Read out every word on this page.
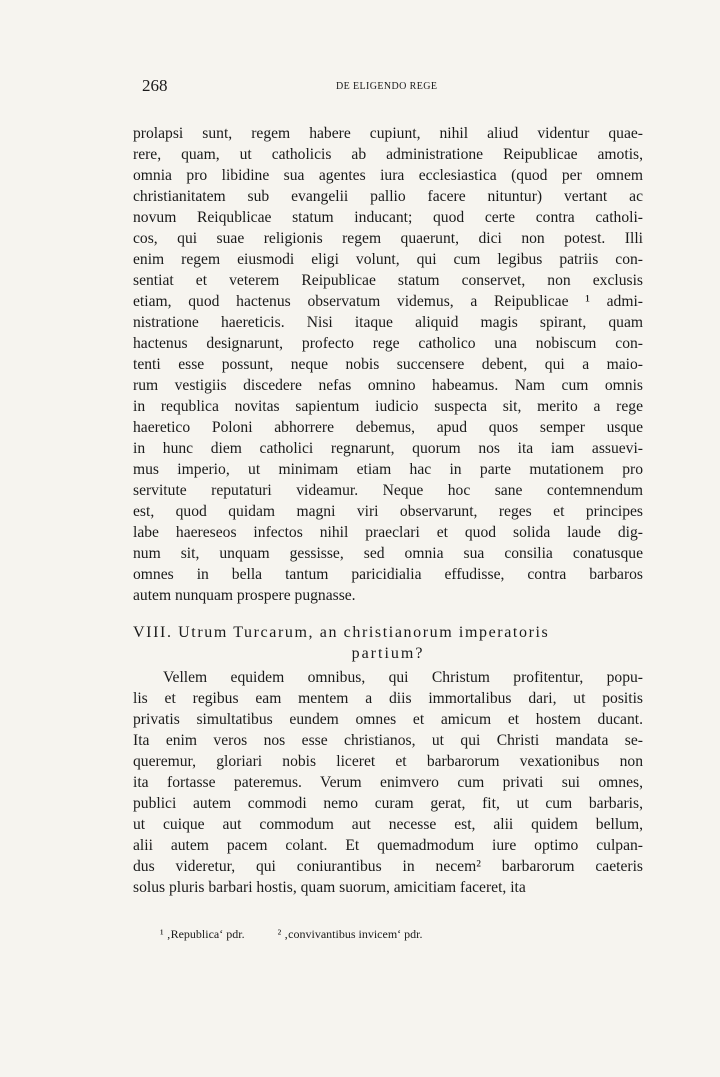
268	DE ELIGENDO REGE
prolapsi sunt, regem habere cupiunt, nihil aliud videntur quae-
rere, quam, ut catholicis ab administratione Reipublicae amotis,
omnia pro libidine sua agentes iura ecclesiastica (quod per omnem
christianitatem sub evangelii pallio facere nituntur) vertant ac
novum Reiqublicae statum inducant; quod certe contra catholi-
cos, qui suae religionis regem quaerunt, dici non potest. Illi
enim regem eiusmodi eligi volunt, qui cum legibus patriis con-
sentiat et veterem Reipublicae statum conservet, non exclusis
etiam, quod hactenus observatum videmus, a Reipublicae ¹ admi-
nistratione haereticis. Nisi itaque aliquid magis spirant, quam
hactenus designarunt, profecto rege catholico una nobiscum con-
tenti esse possunt, neque nobis succensere debent, qui a maio-
rum vestigiis discedere nefas omnino habeamus. Nam cum omnis
in requblica novitas sapientum iudicio suspecta sit, merito a rege
haeretico Poloni abhorrere debemus, apud quos semper usque
in hunc diem catholici regnarunt, quorum nos ita iam assuevi-
mus imperio, ut minimam etiam hac in parte mutationem pro
servitute reputaturi videamur. Neque hoc sane contemnendum
est, quod quidam magni viri observarunt, reges et principes
labe haereseos infectos nihil praeclari et quod solida laude dig-
num sit, unquam gessisse, sed omnia sua consilia conatusque
omnes in bella tantum paricidialia effudisse, contra barbaros
autem nunquam prospere pugnasse.
VIII. Utrum Turcarum, an christianorum imperatoris
partium?
Vellem equidem omnibus, qui Christum profitentur, popu-
lis et regibus eam mentem a diis immortalibus dari, ut positis
privatis simultatibus eundem omnes et amicum et hostem ducant.
Ita enim veros nos esse christianos, ut qui Christi mandata se-
queremur, gloriari nobis liceret et barbarorum vexationibus non
ita fortasse pateremus. Verum enimvero cum privati sui omnes,
publici autem commodi nemo curam gerat, fit, ut cum barbaris,
ut cuique aut commodum aut necesse est, alii quidem bellum,
alii autem pacem colant. Et quemadmodum iure optimo culpan-
dus videretur, qui coniurantibus in necem² barbarorum caeteris
solus pluris barbari hostis, quam suorum, amicitiam faceret, ita
¹ ‚Republica‘ pdr.	² ‚convivantibus invicem‘ pdr.
